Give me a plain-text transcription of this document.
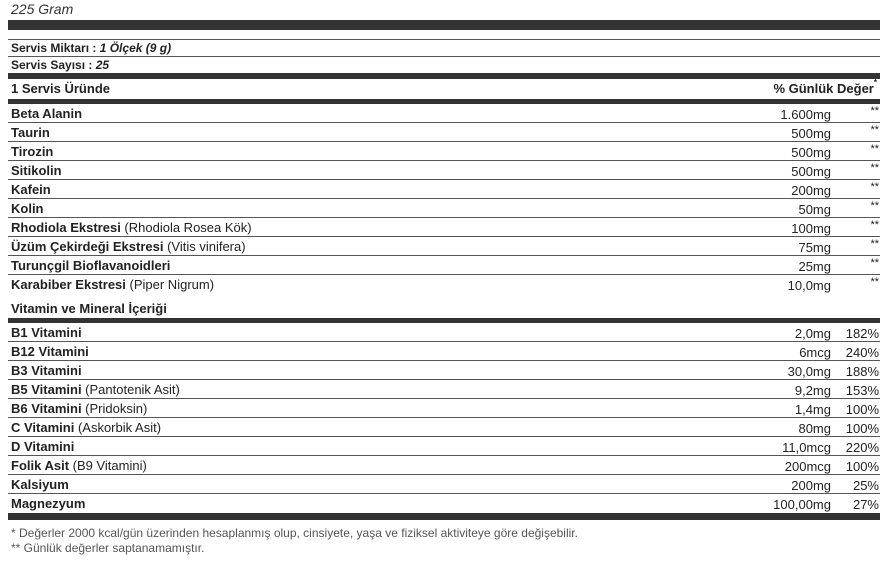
225 Gram
Servis Miktarı : 1 Ölçek (9 g)
Servis Sayısı : 25
1 Servis Üründe	% Günlük Değer*
Beta Alanin	1.600mg	**
Taurin	500mg	**
Tirozin	500mg	**
Sitikolin	500mg	**
Kafein	200mg	**
Kolin	50mg	**
Rhodiola Ekstresi (Rhodiola Rosea Kök)	100mg	**
Üzüm Çekirdeği Ekstresi (Vitis vinifera)	75mg	**
Turunçgil Bioflavanoidleri	25mg	**
Karabiber Ekstresi (Piper Nigrum)	10,0mg	**
Vitamin ve Mineral İçeriği
B1 Vitamini	2,0mg 182%
B12 Vitamini	6mcg 240%
B3 Vitamini	30,0mg 188%
B5 Vitamini (Pantotenik Asit)	9,2mg 153%
B6 Vitamini (Pridoksin)	1,4mg 100%
C Vitamini (Askorbik Asit)	80mg 100%
D Vitamini	11,0mcg 220%
Folik Asit (B9 Vitamini)	200mcg 100%
Kalsiyum	200mg 25%
Magnezyum	100,00mg 27%
* Değerler 2000 kcal/gün üzerinden hesaplanmış olup, cinsiyete, yaşa ve fiziksel aktiviteye göre değişebilir.
** Günlük değerler saptanamamıştır.
